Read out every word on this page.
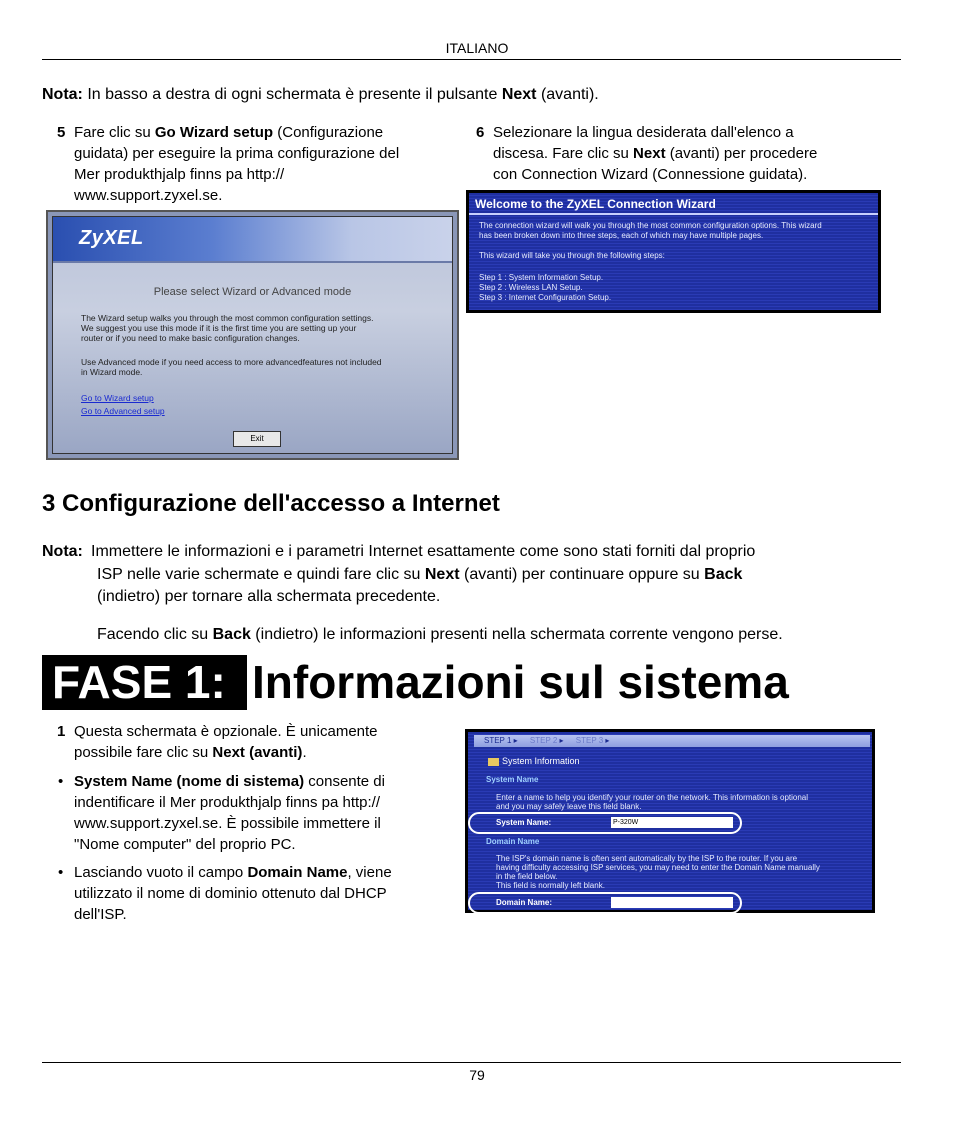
ITALIANO
Nota: In basso a destra di ogni schermata è presente il pulsante Next (avanti).
5 Fare clic su Go Wizard setup (Configurazione
guidata) per eseguire la prima configurazione del
Mer produkthjalp finns pa http://
www.support.zyxel.se.
6 Selezionare la lingua desiderata dall'elenco a
discesa. Fare clic su Next (avanti) per procedere
con Connection Wizard (Connessione guidata).
ZyXEL
Please select Wizard or Advanced mode
The Wizard setup walks you through the most common configuration settings.
We suggest you use this mode if it is the first time you are setting up your
router or if you need to make basic configuration changes.
Use Advanced mode if you need access to more advancedfeatures not included
in Wizard mode.
Go to Wizard setup
Go to Advanced setup
Exit
Welcome to the ZyXEL Connection Wizard
The connection wizard will walk you through the most common configuration options. This wizard
has been broken down into three steps, each of which may have multiple pages.
This wizard will take you through the following steps:
Step 1 : System Information Setup.
Step 2 : Wireless LAN Setup.
Step 3 : Internet Configuration Setup.
3 Configurazione dell'accesso a Internet
Nota: Immettere le informazioni e i parametri Internet esattamente come sono stati forniti dal proprio
ISP nelle varie schermate e quindi fare clic su Next (avanti) per continuare oppure su Back
(indietro) per tornare alla schermata precedente.
Facendo clic su Back (indietro) le informazioni presenti nella schermata corrente vengono perse.
FASE 1: Informazioni sul sistema
1 Questa schermata è opzionale. È unicamente
possibile fare clic su Next (avanti).
• System Name (nome di sistema) consente di
indentificare il Mer produkthjalp finns pa http://
www.support.zyxel.se. È possibile immettere il
"Nome computer" del proprio PC.
• Lasciando vuoto il campo Domain Name, viene
utilizzato il nome di dominio ottenuto dal DHCP
dell'ISP.
STEP 1 ▸ STEP 2 ▸ STEP 3 ▸
System Information
System Name
Enter a name to help you identify your router on the network. This information is optional
and you may safely leave this field blank.
System Name:	P-320W
Domain Name
The ISP's domain name is often sent automatically by the ISP to the router. If you are
having difficulty accessing ISP services, you may need to enter the Domain Name manually
in the field below.
This field is normally left blank.
Domain Name:
79
